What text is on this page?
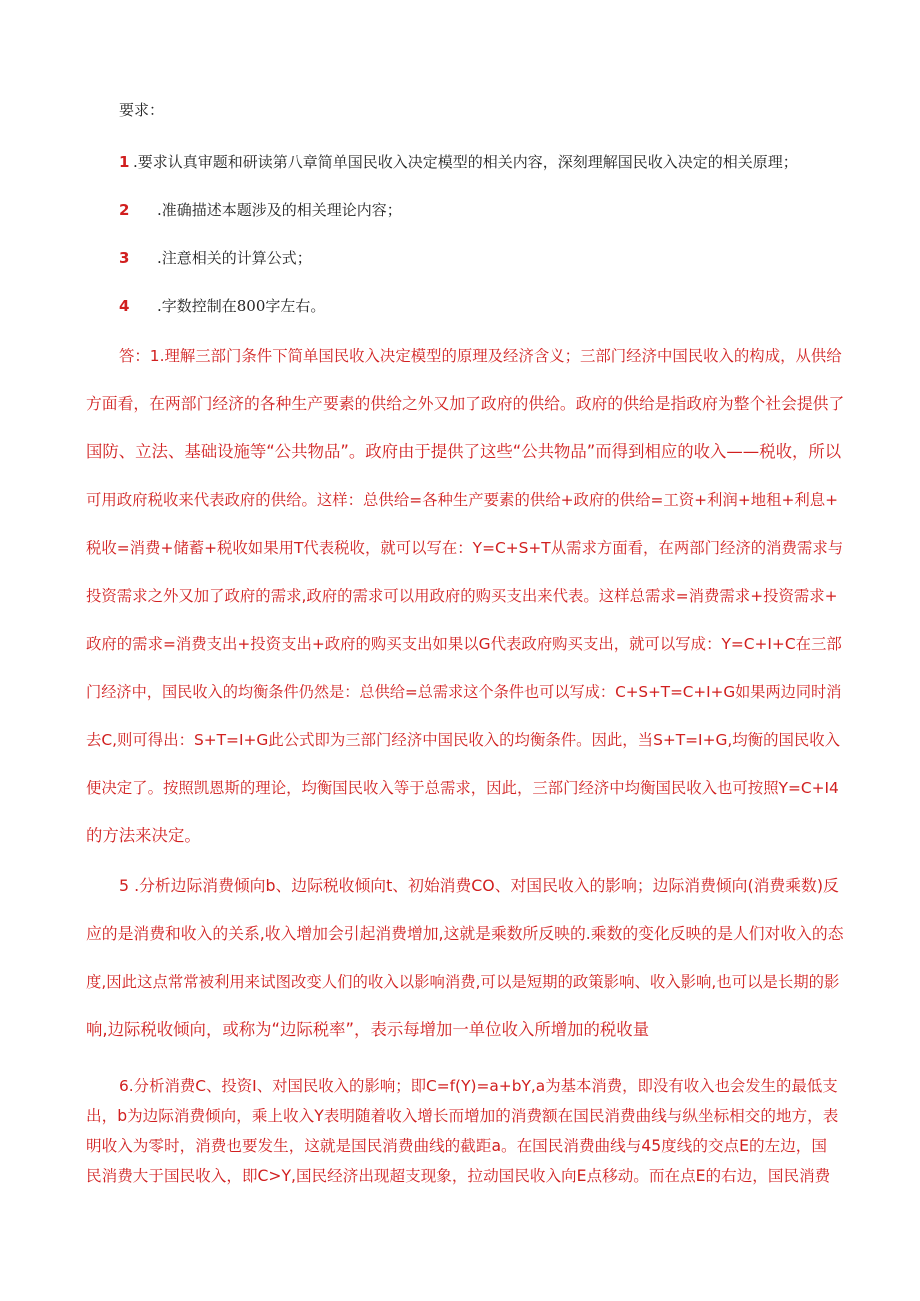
要求：
1 .要求认真审题和研读第八章简单国民收入决定模型的相关内容，深刻理解国民收入决定的相关原理；
2 .准确描述本题涉及的相关理论内容；
3 .注意相关的计算公式；
4 .字数控制在800字左右。
答：1.理解三部门条件下简单国民收入决定模型的原理及经济含义；三部门经济中国民收入的构成，从供给
方面看，在两部门经济的各种生产要素的供给之外又加了政府的供给。政府的供给是指政府为整个社会提供了
国防、立法、基础设施等“公共物品”。政府由于提供了这些“公共物品”而得到相应的收入——税收，所以
可用政府税收来代表政府的供给。这样：总供给=各种生产要素的供给+政府的供给=工资+利润+地租+利息+
税收=消费+储蓄+税收如果用T代表税收，就可以写在：Y=C+S+T从需求方面看，在两部门经济的消费需求与
投资需求之外又加了政府的需求,政府的需求可以用政府的购买支出来代表。这样总需求=消费需求+投资需求+
政府的需求=消费支出+投资支出+政府的购买支出如果以G代表政府购买支出，就可以写成：Y=C+I+C在三部
门经济中，国民收入的均衡条件仍然是：总供给=总需求这个条件也可以写成：C+S+T=C+I+G如果两边同时消
去C,则可得出：S+T=I+G此公式即为三部门经济中国民收入的均衡条件。因此，当S+T=I+G,均衡的国民收入
便决定了。按照凯恩斯的理论，均衡国民收入等于总需求，因此，三部门经济中均衡国民收入也可按照Y=C+I4
的方法来决定。
5 .分析边际消费倾向b、边际税收倾向t、初始消费CO、对国民收入的影响；边际消费倾向(消费乘数)反
应的是消费和收入的关系,收入增加会引起消费增加,这就是乘数所反映的.乘数的变化反映的是人们对收入的态
度,因此这点常常被利用来试图改变人们的收入以影响消费,可以是短期的政策影响、收入影响,也可以是长期的影
响,边际税收倾向，或称为“边际税率”，表示每增加一单位收入所增加的税收量
6.分析消费C、投资I、对国民收入的影响；即C=f(Y)=a+bY,a为基本消费，即没有收入也会发生的最低支
出，b为边际消费倾向，乘上收入Y表明随着收入增长而增加的消费额在国民消费曲线与纵坐标相交的地方，表
明收入为零时，消费也要发生，这就是国民消费曲线的截距a。在国民消费曲线与45度线的交点E的左边，国
民消费大于国民收入，即C>Y,国民经济出现超支现象，拉动国民收入向E点移动。而在点E的右边，国民消费
